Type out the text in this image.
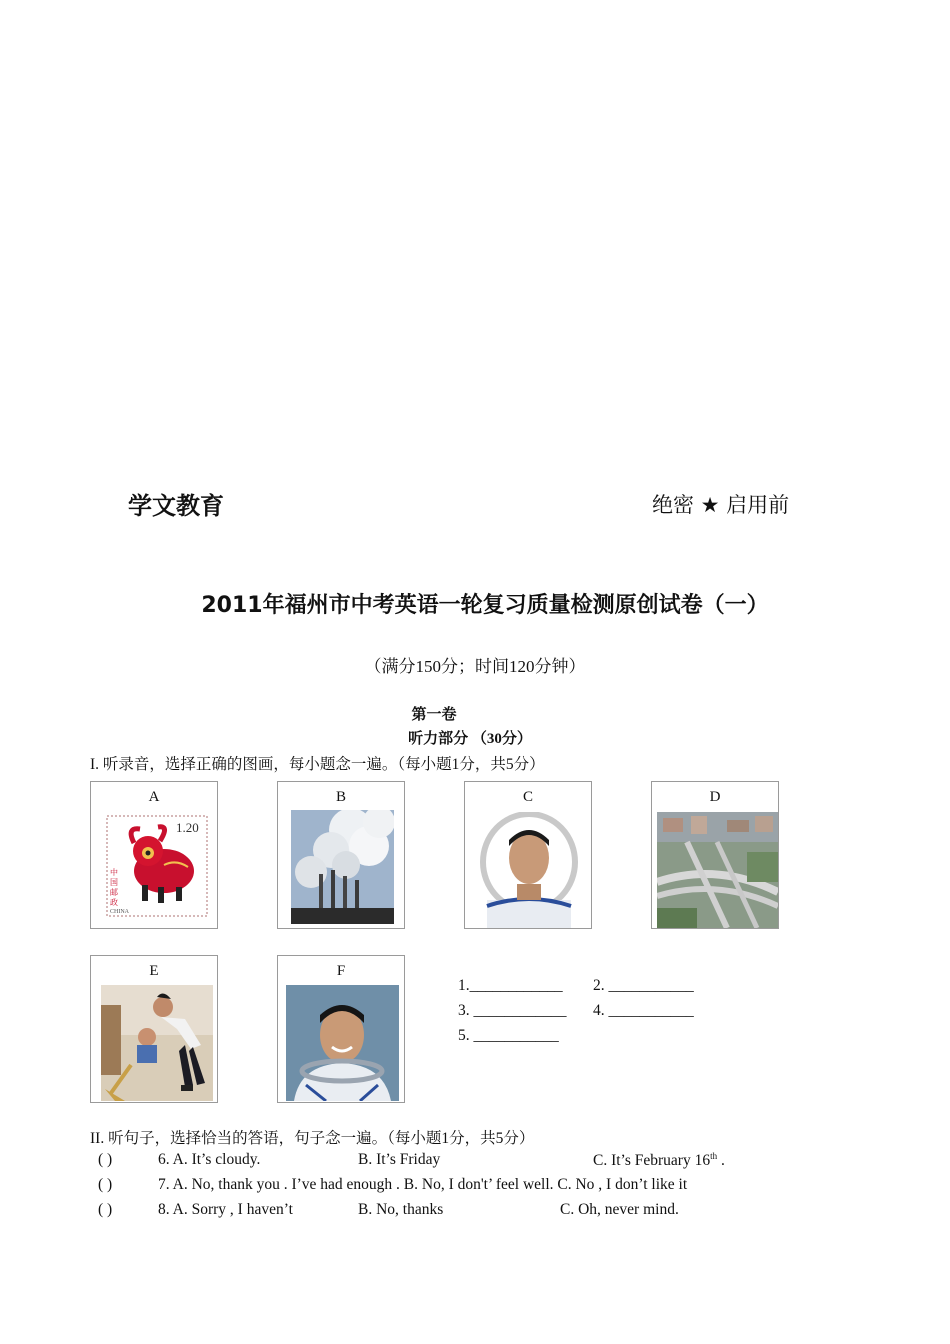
学文教育	绝密 ★ 启用前
2011年福州市中考英语一轮复习质量检测原创试卷（一）
（满分150分；时间120分钟）
第一卷
听力部分 （30分）
I. 听录音，选择正确的图画，每小题念一遍。（每小题1分，共5分）
A
1.20
中
国
邮
政
CHINA
B	C	D
E	F
1.____________ 2. ___________
3. ____________ 4. ___________
5. ___________
II. 听句子，选择恰当的答语，句子念一遍。（每小题1分，共5分）
( )	6. A. It’s cloudy.	B. It’s Friday	C. It’s February 16th .
( )	7. A. No, thank you . I’ve had enough . B. No, I don't’ feel well. C. No , I don’t like it
( )	8. A. Sorry , I haven’t	B. No, thanks	C. Oh, never mind.
